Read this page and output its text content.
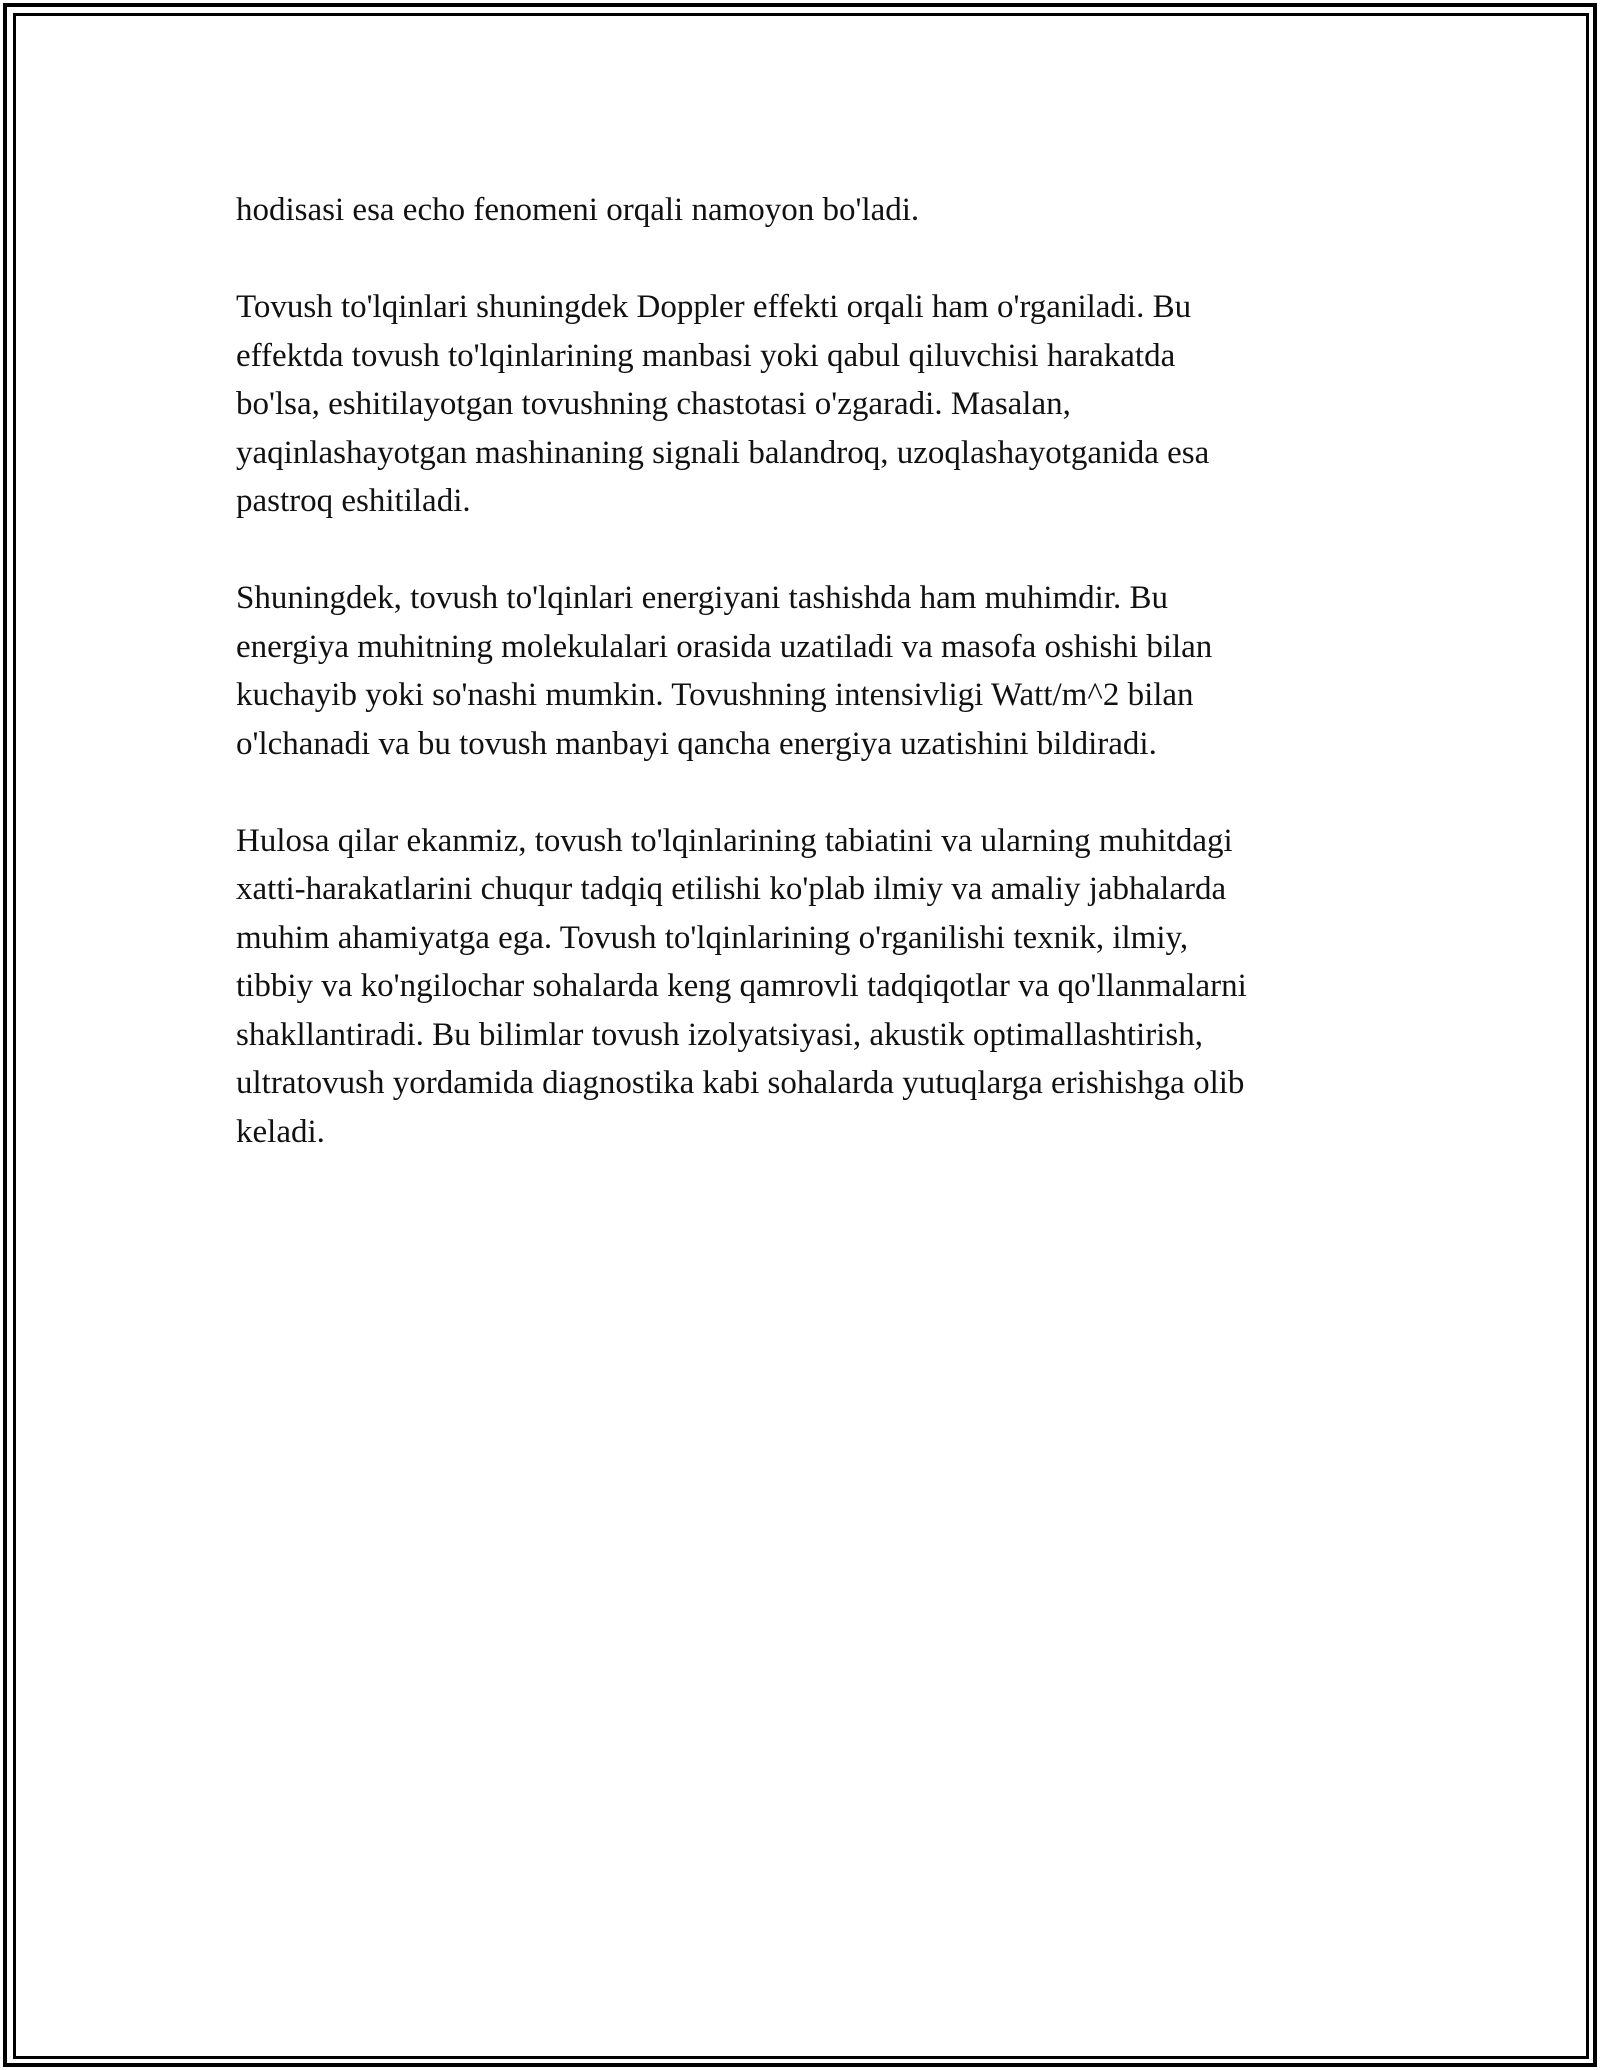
hodisasi esa echo fenomeni orqali namoyon bo'ladi.
Tovush to'lqinlari shuningdek Doppler effekti orqali ham o'rganiladi. Bu
effektda tovush to'lqinlarining manbasi yoki qabul qiluvchisi harakatda
bo'lsa, eshitilayotgan tovushning chastotasi o'zgaradi. Masalan,
yaqinlashayotgan mashinaning signali balandroq, uzoqlashayotganida esa
pastroq eshitiladi.
Shuningdek, tovush to'lqinlari energiyani tashishda ham muhimdir. Bu
energiya muhitning molekulalari orasida uzatiladi va masofa oshishi bilan
kuchayib yoki so'nashi mumkin. Tovushning intensivligi Watt/m^2 bilan
o'lchanadi va bu tovush manbayi qancha energiya uzatishini bildiradi.
Hulosa qilar ekanmiz, tovush to'lqinlarining tabiatini va ularning muhitdagi
xatti-harakatlarini chuqur tadqiq etilishi ko'plab ilmiy va amaliy jabhalarda
muhim ahamiyatga ega. Tovush to'lqinlarining o'rganilishi texnik, ilmiy,
tibbiy va ko'ngilochar sohalarda keng qamrovli tadqiqotlar va qo'llanmalarni
shakllantiradi. Bu bilimlar tovush izolyatsiyasi, akustik optimallashtirish,
ultratovush yordamida diagnostika kabi sohalarda yutuqlarga erishishga olib
keladi.
